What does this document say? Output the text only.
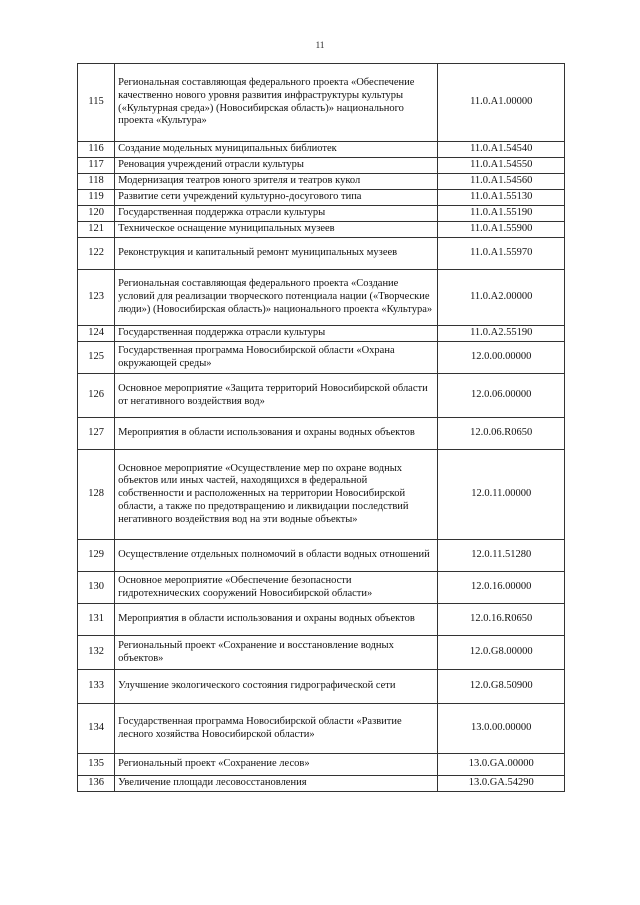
11
115	Региональная составляющая федерального проекта «Обеспечение качественно нового уровня развития инфраструктуры культуры («Культурная среда») (Новосибирская область)» национального проекта «Культура»	11.0.A1.00000
116	Создание модельных муниципальных библиотек	11.0.A1.54540
117	Реновация учреждений отрасли культуры	11.0.A1.54550
118	Модернизация театров юного зрителя и театров кукол	11.0.A1.54560
119	Развитие сети учреждений культурно-досугового типа	11.0.A1.55130
120	Государственная поддержка отрасли культуры	11.0.A1.55190
121	Техническое оснащение муниципальных музеев	11.0.A1.55900
122	Реконструкция и капитальный ремонт муниципальных музеев	11.0.A1.55970
123	Региональная составляющая федерального проекта «Создание условий для реализации творческого потенциала нации («Творческие люди») (Новосибирская область)» национального проекта «Культура»	11.0.A2.00000
124	Государственная поддержка отрасли культуры	11.0.A2.55190
125	Государственная программа Новосибирской области «Охрана окружающей среды»	12.0.00.00000
126	Основное мероприятие «Защита территорий Новосибирской области от негативного воздействия вод»	12.0.06.00000
127	Мероприятия в области использования и охраны водных объектов	12.0.06.R0650
128	Основное мероприятие «Осуществление мер по охране водных объектов или иных частей, находящихся в федеральной собственности и расположенных на территории Новосибирской области, а также по предотвращению и ликвидации последствий негативного воздействия вод на эти водные объекты»	12.0.11.00000
129	Осуществление отдельных полномочий в области водных отношений	12.0.11.51280
130	Основное мероприятие «Обеспечение безопасности гидротехнических сооружений Новосибирской области»	12.0.16.00000
131	Мероприятия в области использования и охраны водных объектов	12.0.16.R0650
132	Региональный проект «Сохранение и восстановление водных объектов»	12.0.G8.00000
133	Улучшение экологического состояния гидрографической сети	12.0.G8.50900
134	Государственная программа Новосибирской области «Развитие лесного хозяйства Новосибирской области»	13.0.00.00000
135	Региональный проект «Сохранение лесов»	13.0.GA.00000
136	Увеличение площади лесовосстановления	13.0.GA.54290
